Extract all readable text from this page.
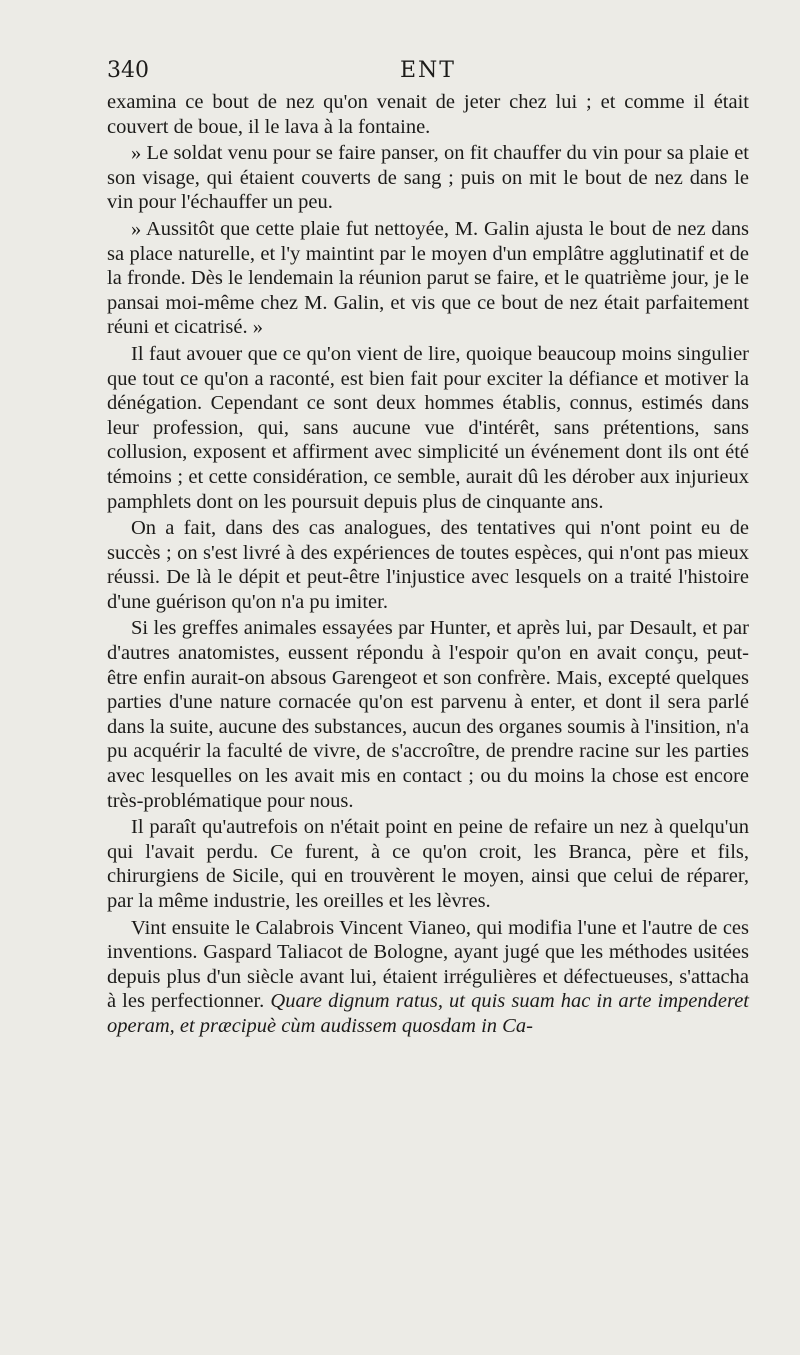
340	ENT

examina ce bout de nez qu'on venait de jeter chez lui ; et comme il était couvert de boue, il le lava à la fontaine.

» Le soldat venu pour se faire panser, on fit chauffer du vin pour sa plaie et son visage, qui étaient couverts de sang ; puis on mit le bout de nez dans le vin pour l'échauffer un peu.

» Aussitôt que cette plaie fut nettoyée, M. Galin ajusta le bout de nez dans sa place naturelle, et l'y maintint par le moyen d'un emplâtre agglutinatif et de la fronde. Dès le lendemain la réunion parut se faire, et le quatrième jour, je le pansai moi-même chez M. Galin, et vis que ce bout de nez était parfaitement réuni et cicatrisé. »

Il faut avouer que ce qu'on vient de lire, quoique beaucoup moins singulier que tout ce qu'on a raconté, est bien fait pour exciter la défiance et motiver la dénégation. Cependant ce sont deux hommes établis, connus, estimés dans leur profession, qui, sans aucune vue d'intérêt, sans prétentions, sans collusion, exposent et affirment avec simplicité un événement dont ils ont été témoins ; et cette considération, ce semble, aurait dû les dérober aux injurieux pamphlets dont on les poursuit depuis plus de cinquante ans.

On a fait, dans des cas analogues, des tentatives qui n'ont point eu de succès ; on s'est livré à des expériences de toutes espèces, qui n'ont pas mieux réussi. De là le dépit et peut-être l'injustice avec lesquels on a traité l'histoire d'une guérison qu'on n'a pu imiter.

Si les greffes animales essayées par Hunter, et après lui, par Desault, et par d'autres anatomistes, eussent répondu à l'espoir qu'on en avait conçu, peut-être enfin aurait-on absous Garengeot et son confrère. Mais, excepté quelques parties d'une nature cornacée qu'on est parvenu à enter, et dont il sera parlé dans la suite, aucune des substances, aucun des organes soumis à l'insition, n'a pu acquérir la faculté de vivre, de s'accroître, de prendre racine sur les parties avec lesquelles on les avait mis en contact ; ou du moins la chose est encore très-problématique pour nous.

Il paraît qu'autrefois on n'était point en peine de refaire un nez à quelqu'un qui l'avait perdu. Ce furent, à ce qu'on croit, les Branca, père et fils, chirurgiens de Sicile, qui en trouvèrent le moyen, ainsi que celui de réparer, par la même industrie, les oreilles et les lèvres.

Vint ensuite le Calabrois Vincent Vianeo, qui modifia l'une et l'autre de ces inventions. Gaspard Taliacot de Bologne, ayant jugé que les méthodes usitées depuis plus d'un siècle avant lui, étaient irrégulières et défectueuses, s'attacha à les perfectionner. Quare dignum ratus, ut quis suam hac in arte impenderet operam, et præcipuè cùm audissem quosdam in Ca-
